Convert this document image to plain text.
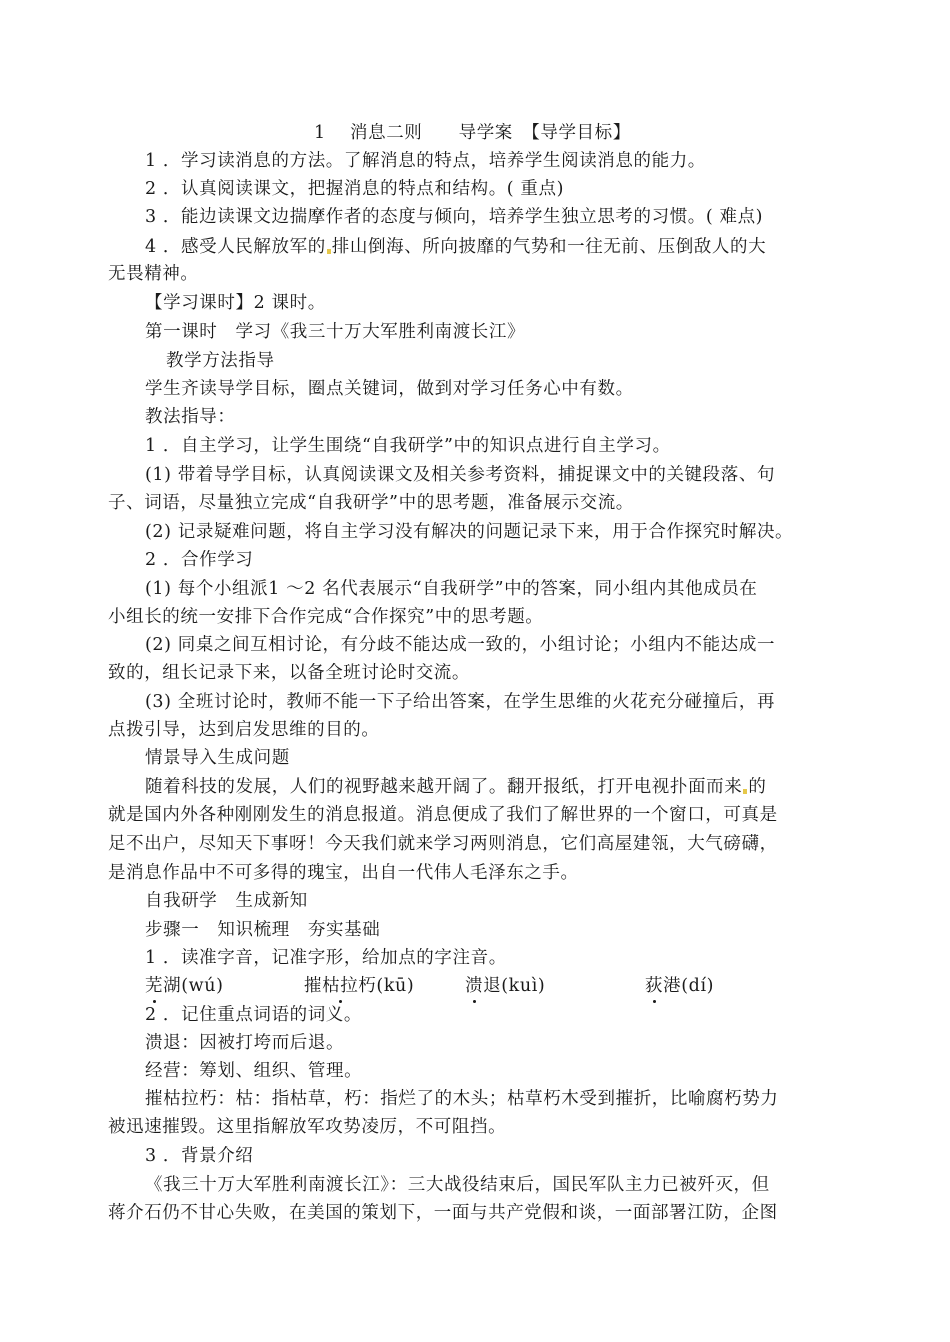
1　 消息二则　　导学案　【导学目标】
1 ．学习读消息的方法。了解消息的特点，培养学生阅读消息的能力。
2 ．认真阅读课文，把握消息的特点和结构。( 重点)
3 ．能边读课文边揣摩作者的态度与倾向，培养学生独立思考的习惯。( 难点)
4 ．感受人民解放军的 排山倒海、所向披靡的气势和一往无前、压倒敌人的大
无畏精神。
【学习课时】2 课时。
第一课时　学习《我三十万大军胜利南渡长江》
教学方法指导
学生齐读导学目标，圈点关键词，做到对学习任务心中有数。
教法指导：
1 ．自主学习，让学生围绕“自我研学”中的知识点进行自主学习。
(1) 带着导学目标，认真阅读课文及相关参考资料，捕捉课文中的关键段落、句
子、词语，尽量独立完成“自我研学”中的思考题，准备展示交流。
(2) 记录疑难问题，将自主学习没有解决的问题记录下来，用于合作探究时解决。
2 ．合作学习
(1) 每个小组派1 ～2 名代表展示“自我研学”中的答案，同小组内其他成员在
小组长的统一安排下合作完成“合作探究”中的思考题。
(2) 同桌之间互相讨论，有分歧不能达成一致的，小组讨论；小组内不能达成一
致的，组长记录下来，以备全班讨论时交流。
(3) 全班讨论时，教师不能一下子给出答案，在学生思维的火花充分碰撞后，再
点拨引导，达到启发思维的目的。
情景导入生成问题
随着科技的发展，人们的视野越来越开阔了。翻开报纸，打开电视扑面而来 的
就是国内外各种刚刚发生的消息报道。消息便成了我们了解世界的一个窗口，可真是
足不出户，尽知天下事呀！今天我们就来学习两则消息，它们高屋建瓴，大气磅礴，
是消息作品中不可多得的瑰宝，出自一代伟人毛泽东之手。
自我研学　生成新知
步骤一　知识梳理　夯实基础
1 ．读准字音，记准字形，给加点的字注音。
芜湖(wú)	摧枯拉朽(kū)	溃退(kuì)	荻港(dí)
2 ．记住重点词语的词义。
溃退：因被打垮而后退。
经营：筹划、组织、管理。
摧枯拉朽：枯：指枯草，朽：指烂了的木头；枯草朽木受到摧折，比喻腐朽势力
被迅速摧毁。这里指解放军攻势凌厉，不可阻挡。
3 ．背景介绍
《我三十万大军胜利南渡长江》：三大战役结束后，国民军队主力已被歼灭，但
蒋介石仍不甘心失败，在美国的策划下，一面与共产党假和谈，一面部署江防，企图
